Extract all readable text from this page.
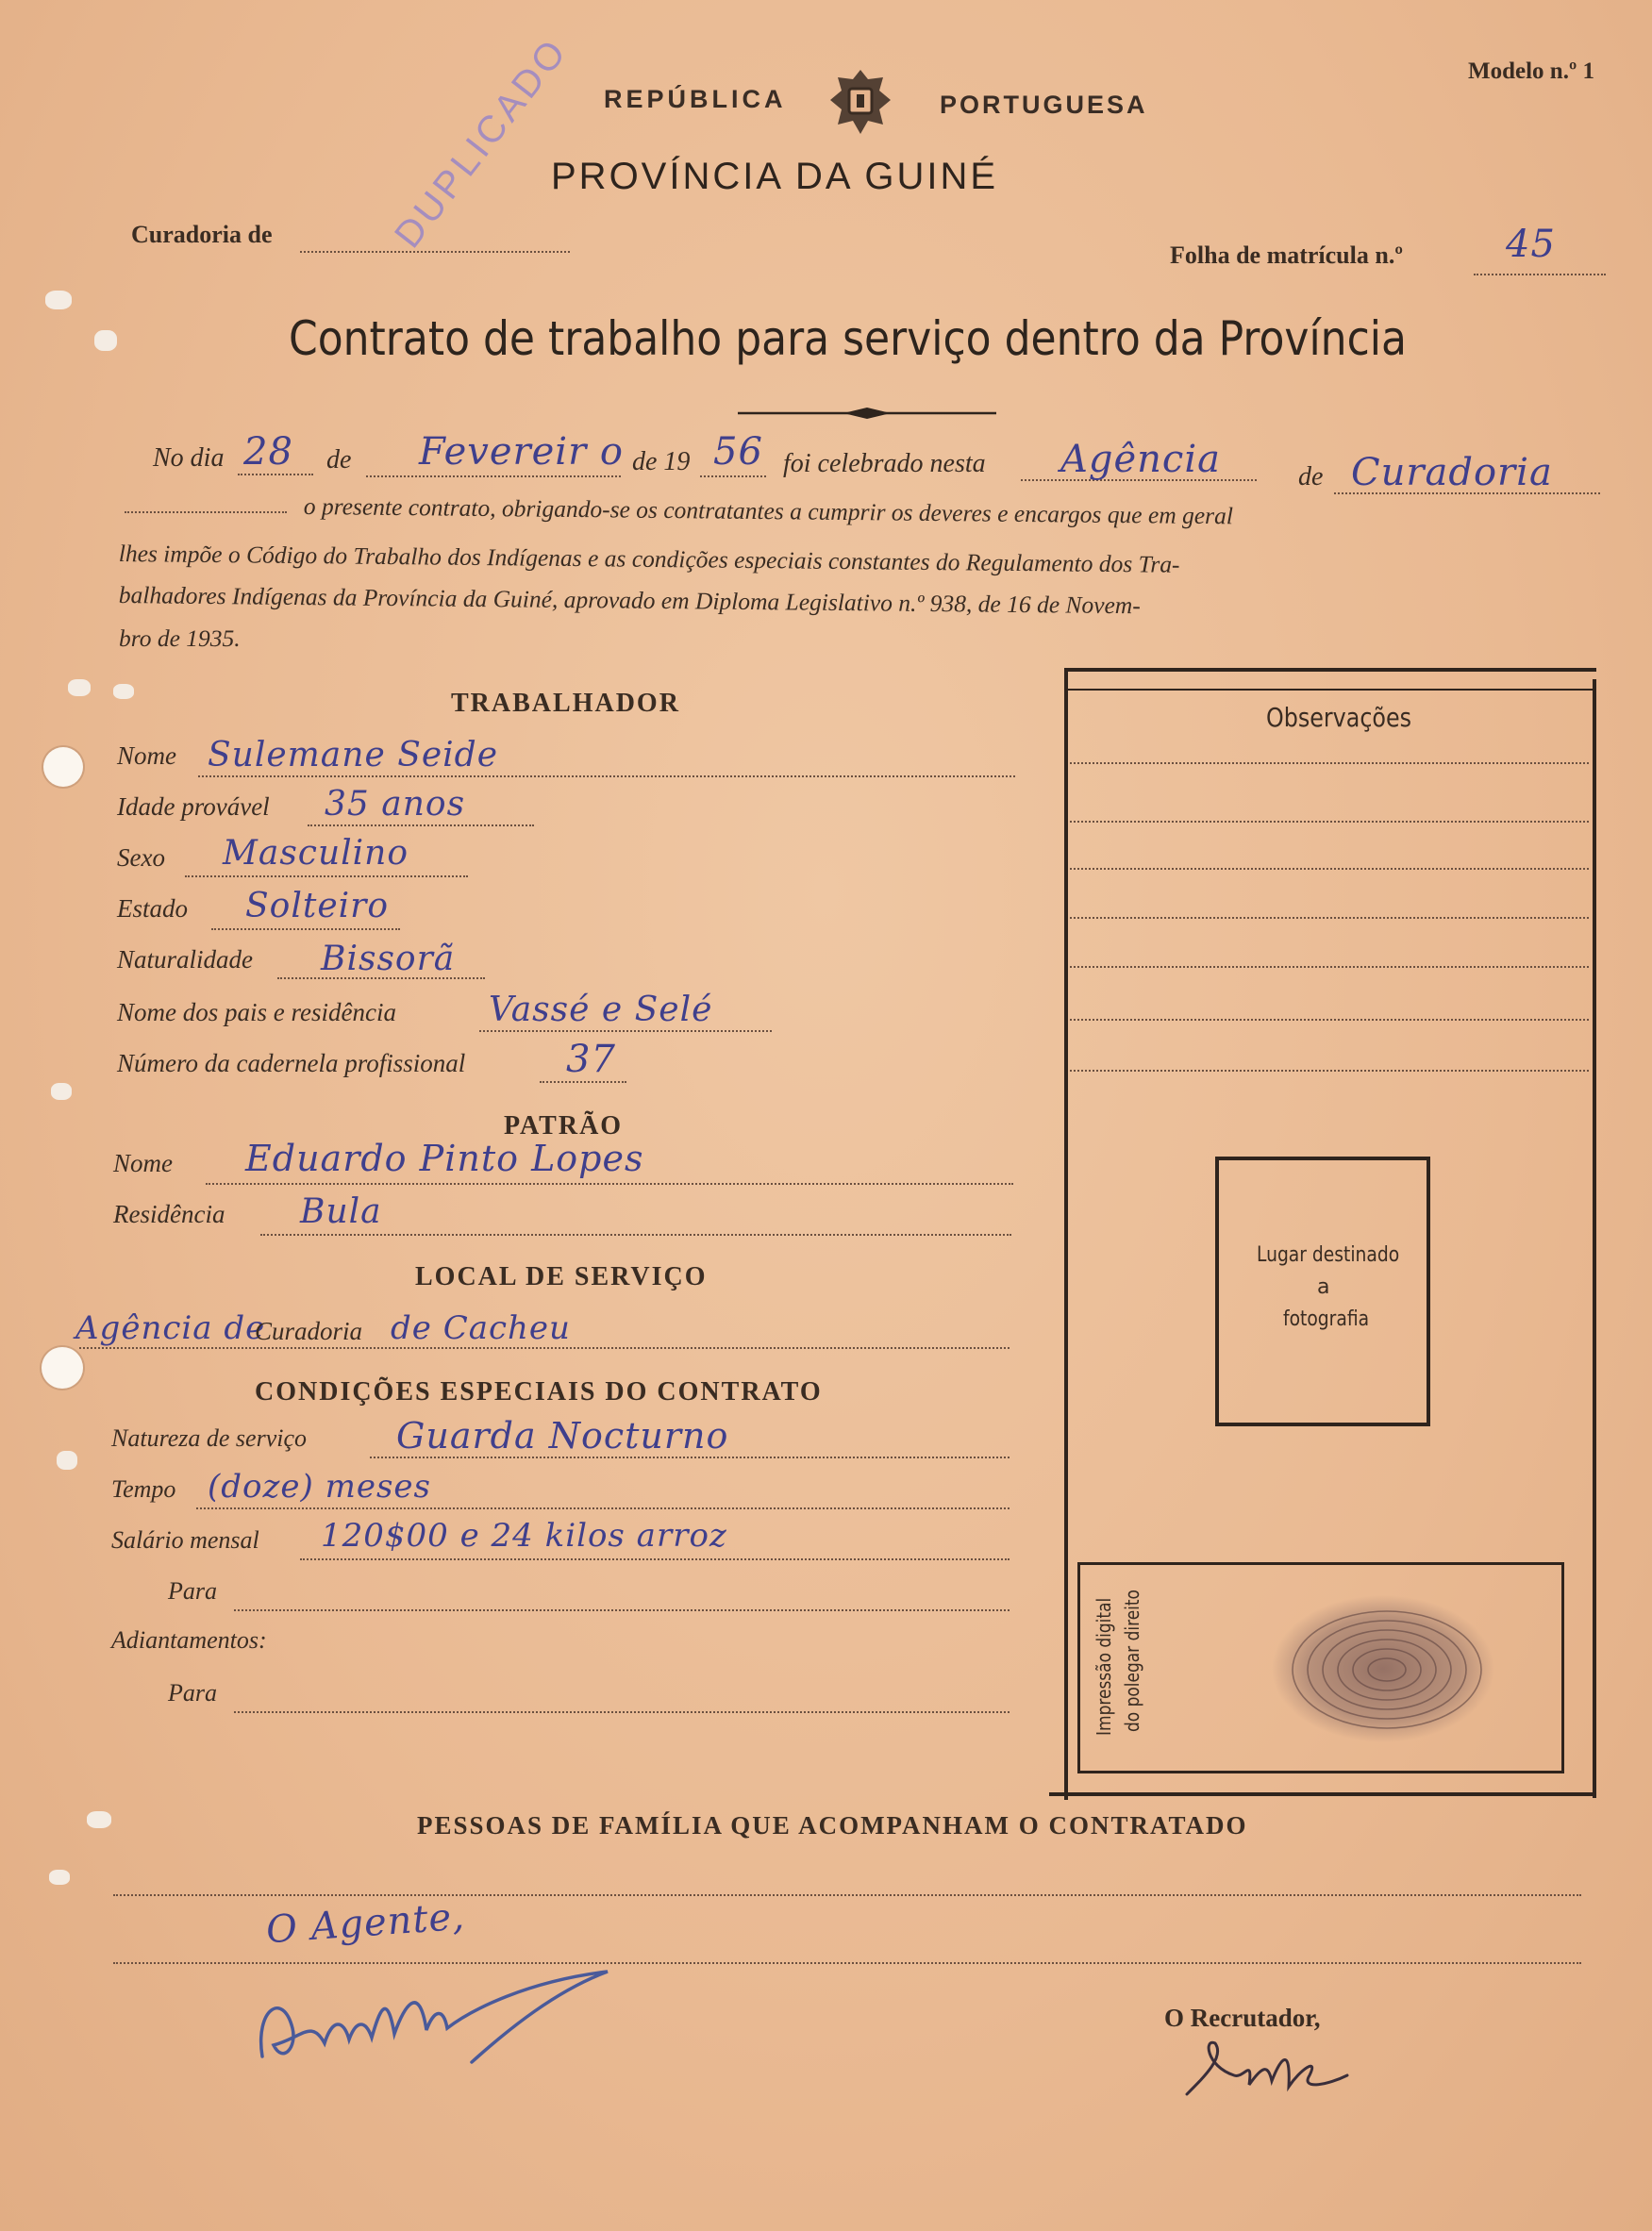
Modelo n.º 1
REPÚBLICA	PORTUGUESA
PROVÍNCIA DA GUINÉ
DUPLICADO
Curadoria de
Folha de matrícula n.º	45
Contrato de trabalho para serviço dentro da Província
No dia 28 de Fevereir o de 19 56 foi celebrado nesta Agência	de Curadoria
o presente contrato, obrigando-se os contratantes a cumprir os deveres e encargos que em geral
lhes impõe o Código do Trabalho dos Indígenas e as condições especiais constantes do Regulamento dos Tra-
balhadores Indígenas da Província da Guiné, aprovado em Diploma Legislativo n.º 938, de 16 de Novem-
bro de 1935.
TRABALHADOR
Nome Sulemane Seide
Idade provável 35 anos
Sexo Masculino
Estado Solteiro
Naturalidade Bissorã
Nome dos pais e residência	Vassé e Selé
Número da cadernela profissional	37
PATRÃO
Nome Eduardo Pinto Lopes
Residência Bula
LOCAL DE SERVIÇO
Agência de
Curadoria de Cacheu
CONDIÇÕES ESPECIAIS DO CONTRATO
Natureza de serviço	Guarda Nocturno
Tempo (doze) meses
Salário mensal 120$00 e 24 kilos arroz
Para
Adiantamentos:
Para
Observações
Lugar destinado
a
fotografia
Impressão digital do polegar direito
PESSOAS DE FAMÍLIA QUE ACOMPANHAM O CONTRATADO
O Agente,
O Recrutador,
